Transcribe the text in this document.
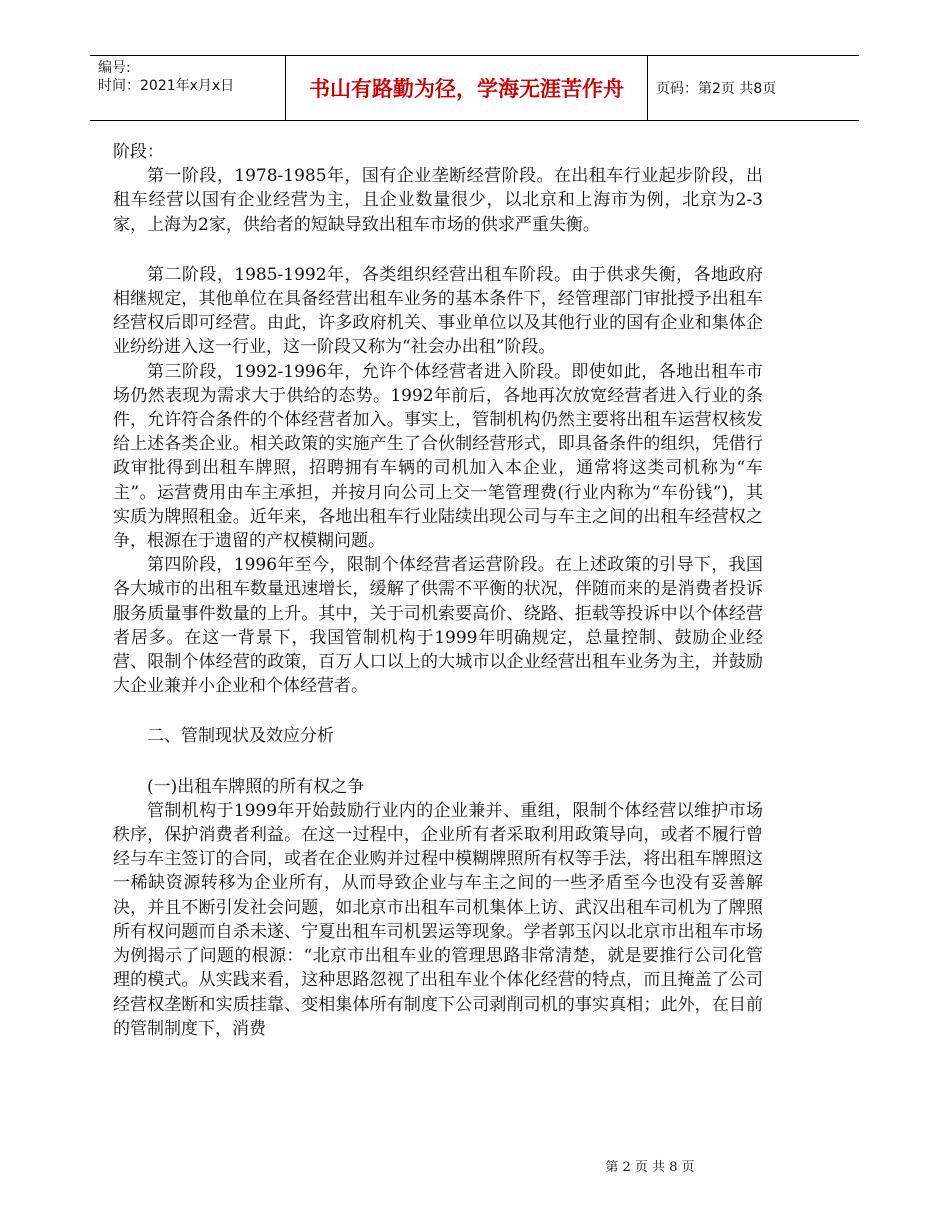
编号:
时间：2021年x月x日	书山有路勤为径，学海无涯苦作舟	页码：第2页 共8页

阶段：

第一阶段，1978-1985年，国有企业垄断经营阶段。在出租车行业起步阶段，出租车经营以国有企业经营为主，且企业数量很少，以北京和上海市为例，北京为2-3家，上海为2家，供给者的短缺导致出租车市场的供求严重失衡。

第二阶段，1985-1992年，各类组织经营出租车阶段。由于供求失衡，各地政府相继规定，其他单位在具备经营出租车业务的基本条件下，经管理部门审批授予出租车经营权后即可经营。由此，许多政府机关、事业单位以及其他行业的国有企业和集体企业纷纷进入这一行业，这一阶段又称为“社会办出租”阶段。

第三阶段，1992-1996年，允许个体经营者进入阶段。即使如此，各地出租车市场仍然表现为需求大于供给的态势。1992年前后，各地再次放宽经营者进入行业的条件，允许符合条件的个体经营者加入。事实上，管制机构仍然主要将出租车运营权核发给上述各类企业。相关政策的实施产生了合伙制经营形式，即具备条件的组织，凭借行政审批得到出租车牌照，招聘拥有车辆的司机加入本企业，通常将这类司机称为“车主”。运营费用由车主承担，并按月向公司上交一笔管理费(行业内称为“车份钱”)，其实质为牌照租金。近年来，各地出租车行业陆续出现公司与车主之间的出租车经营权之争，根源在于遗留的产权模糊问题。

第四阶段，1996年至今，限制个体经营者运营阶段。在上述政策的引导下，我国各大城市的出租车数量迅速增长，缓解了供需不平衡的状况，伴随而来的是消费者投诉服务质量事件数量的上升。其中，关于司机索要高价、绕路、拒载等投诉中以个体经营者居多。在这一背景下，我国管制机构于1999年明确规定，总量控制、鼓励企业经营、限制个体经营的政策，百万人口以上的大城市以企业经营出租车业务为主，并鼓励大企业兼并小企业和个体经营者。

二、管制现状及效应分析

(一)出租车牌照的所有权之争

管制机构于1999年开始鼓励行业内的企业兼并、重组，限制个体经营以维护市场秩序，保护消费者利益。在这一过程中，企业所有者采取利用政策导向，或者不履行曾经与车主签订的合同，或者在企业购并过程中模糊牌照所有权等手法，将出租车牌照这一稀缺资源转移为企业所有，从而导致企业与车主之间的一些矛盾至今也没有妥善解决，并且不断引发社会问题，如北京市出租车司机集体上访、武汉出租车司机为了牌照所有权问题而自杀未遂、宁夏出租车司机罢运等现象。学者郭玉闪以北京市出租车市场为例揭示了问题的根源：“北京市出租车业的管理思路非常清楚，就是要推行公司化管理的模式。从实践来看，这种思路忽视了出租车业个体化经营的特点，而且掩盖了公司经营权垄断和实质挂靠、变相集体所有制度下公司剥削司机的事实真相；此外，在目前的管制制度下，消费

第 2 页 共 8 页
